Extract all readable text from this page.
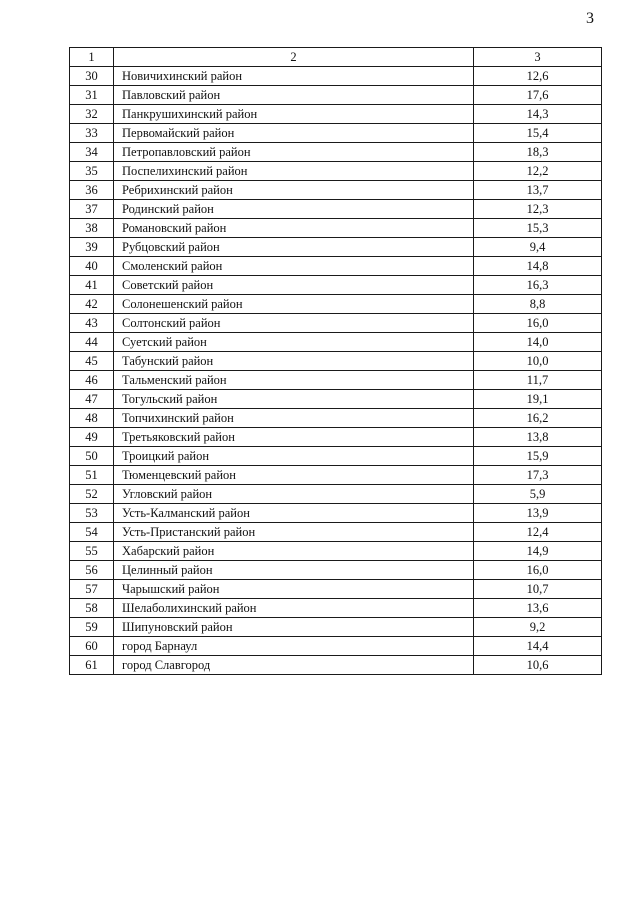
3
1	2	3
30	Новичихинский район	12,6
31	Павловский район	17,6
32	Панкрушихинский район	14,3
33	Первомайский район	15,4
34	Петропавловский район	18,3
35	Поспелихинский район	12,2
36	Ребрихинский район	13,7
37	Родинский район	12,3
38	Романовский район	15,3
39	Рубцовский район	9,4
40	Смоленский район	14,8
41	Советский район	16,3
42	Солонешенский район	8,8
43	Солтонский район	16,0
44	Суетский район	14,0
45	Табунский район	10,0
46	Тальменский район	11,7
47	Тогульский район	19,1
48	Топчихинский район	16,2
49	Третьяковский район	13,8
50	Троицкий район	15,9
51	Тюменцевский район	17,3
52	Угловский район	5,9
53	Усть-Калманский район	13,9
54	Усть-Пристанский район	12,4
55	Хабарский район	14,9
56	Целинный район	16,0
57	Чарышский район	10,7
58	Шелаболихинский район	13,6
59	Шипуновский район	9,2
60	город Барнаул	14,4
61	город Славгород	10,6
